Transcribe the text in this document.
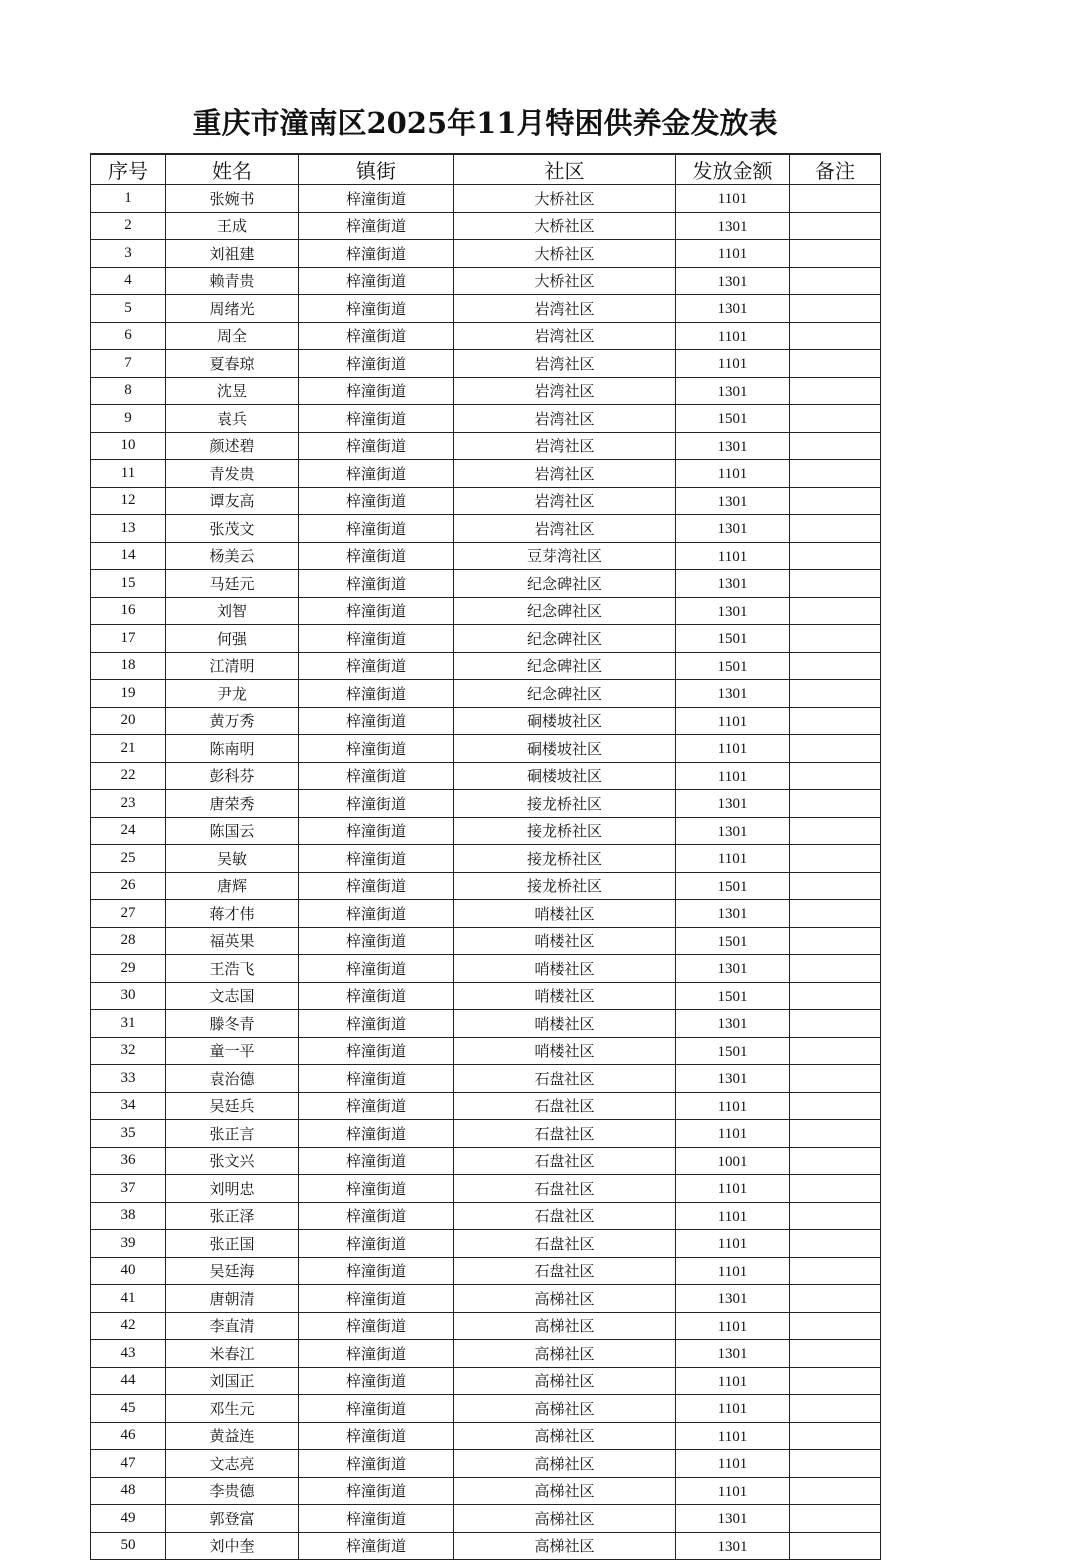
重庆市潼南区2025年11月特困供养金发放表
序号	姓名	镇街	社区	发放金额	备注
1	张婉书	梓潼街道	大桥社区	1101	
2	王成	梓潼街道	大桥社区	1301	
3	刘祖建	梓潼街道	大桥社区	1101	
4	赖青贵	梓潼街道	大桥社区	1301	
5	周绪光	梓潼街道	岩湾社区	1301	
6	周全	梓潼街道	岩湾社区	1101	
7	夏春琼	梓潼街道	岩湾社区	1101	
8	沈昱	梓潼街道	岩湾社区	1301	
9	袁兵	梓潼街道	岩湾社区	1501	
10	颜述碧	梓潼街道	岩湾社区	1301	
11	青发贵	梓潼街道	岩湾社区	1101	
12	谭友高	梓潼街道	岩湾社区	1301	
13	张茂文	梓潼街道	岩湾社区	1301	
14	杨美云	梓潼街道	豆芽湾社区	1101	
15	马廷元	梓潼街道	纪念碑社区	1301	
16	刘智	梓潼街道	纪念碑社区	1301	
17	何强	梓潼街道	纪念碑社区	1501	
18	江清明	梓潼街道	纪念碑社区	1501	
19	尹龙	梓潼街道	纪念碑社区	1301	
20	黄万秀	梓潼街道	硐楼坡社区	1101	
21	陈南明	梓潼街道	硐楼坡社区	1101	
22	彭科芬	梓潼街道	硐楼坡社区	1101	
23	唐荣秀	梓潼街道	接龙桥社区	1301	
24	陈国云	梓潼街道	接龙桥社区	1301	
25	吴敏	梓潼街道	接龙桥社区	1101	
26	唐辉	梓潼街道	接龙桥社区	1501	
27	蒋才伟	梓潼街道	哨楼社区	1301	
28	福英果	梓潼街道	哨楼社区	1501	
29	王浩飞	梓潼街道	哨楼社区	1301	
30	文志国	梓潼街道	哨楼社区	1501	
31	滕冬青	梓潼街道	哨楼社区	1301	
32	童一平	梓潼街道	哨楼社区	1501	
33	袁治德	梓潼街道	石盘社区	1301	
34	吴廷兵	梓潼街道	石盘社区	1101	
35	张正言	梓潼街道	石盘社区	1101	
36	张文兴	梓潼街道	石盘社区	1001	
37	刘明忠	梓潼街道	石盘社区	1101	
38	张正泽	梓潼街道	石盘社区	1101	
39	张正国	梓潼街道	石盘社区	1101	
40	吴廷海	梓潼街道	石盘社区	1101	
41	唐朝清	梓潼街道	高梯社区	1301	
42	李直清	梓潼街道	高梯社区	1101	
43	米春江	梓潼街道	高梯社区	1301	
44	刘国正	梓潼街道	高梯社区	1101	
45	邓生元	梓潼街道	高梯社区	1101	
46	黄益连	梓潼街道	高梯社区	1101	
47	文志亮	梓潼街道	高梯社区	1101	
48	李贵德	梓潼街道	高梯社区	1101	
49	郭登富	梓潼街道	高梯社区	1301	
50	刘中奎	梓潼街道	高梯社区	1301	
